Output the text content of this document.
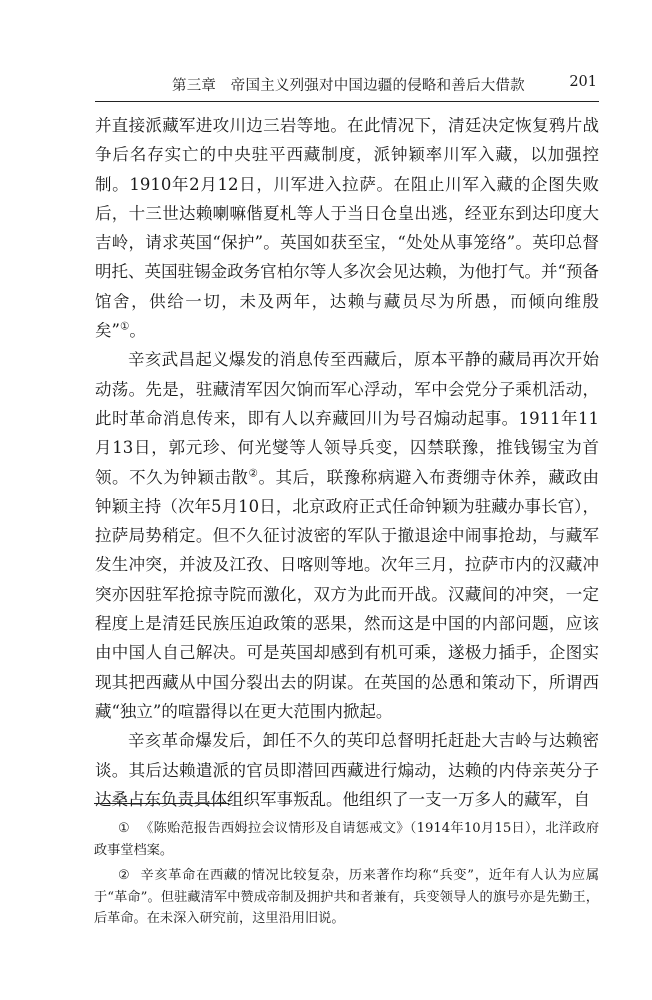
第三章　帝国主义列强对中国边疆的侵略和善后大借款	201

并直接派藏军进攻川边三岩等地。在此情况下，清廷决定恢复鸦片战争后名存实亡的中央驻平西藏制度，派钟颖率川军入藏，以加强控制。1910年2月12日，川军进入拉萨。在阻止川军入藏的企图失败后，十三世达赖喇嘛偕夏札等人于当日仓皇出逃，经亚东到达印度大吉岭，请求英国“保护”。英国如获至宝，“处处从事笼络”。英印总督明托、英国驻锡金政务官柏尔等人多次会见达赖，为他打气。并“预备馆舍，供给一切，未及两年，达赖与藏员尽为所愚，而倾向维殷矣”①。

辛亥武昌起义爆发的消息传至西藏后，原本平静的藏局再次开始动荡。先是，驻藏清军因欠饷而军心浮动，军中会党分子乘机活动，此时革命消息传来，即有人以弃藏回川为号召煽动起事。1911年11月13日，郭元珍、何光燮等人领导兵变，囚禁联豫，推钱锡宝为首领。不久为钟颖击散②。其后，联豫称病避入布赉绷寺休养，藏政由钟颖主持（次年5月10日，北京政府正式任命钟颖为驻藏办事长官），拉萨局势稍定。但不久征讨波密的军队于撤退途中闹事抢劫，与藏军发生冲突，并波及江孜、日喀则等地。次年三月，拉萨市内的汉藏冲突亦因驻军抢掠寺院而激化，双方为此而开战。汉藏间的冲突，一定程度上是清廷民族压迫政策的恶果，然而这是中国的内部问题，应该由中国人自己解决。可是英国却感到有机可乘，遂极力插手，企图实现其把西藏从中国分裂出去的阴谋。在英国的怂恿和策动下，所谓西藏“独立”的喧嚣得以在更大范围内掀起。

辛亥革命爆发后，卸任不久的英印总督明托赶赴大吉岭与达赖密谈。其后达赖遣派的官员即潜回西藏进行煽动，达赖的内侍亲英分子达桑占东负责具体组织军事叛乱。他组织了一支一万多人的藏军，自

① 《陈贻范报告西姆拉会议情形及自请惩戒文》（1914年10月15日），北洋政府政事堂档案。

② 辛亥革命在西藏的情况比较复杂，历来著作均称“兵变”，近年有人认为应属于“革命”。但驻藏清军中赞成帝制及拥护共和者兼有，兵变领导人的旗号亦是先勤王，后革命。在未深入研究前，这里沿用旧说。
